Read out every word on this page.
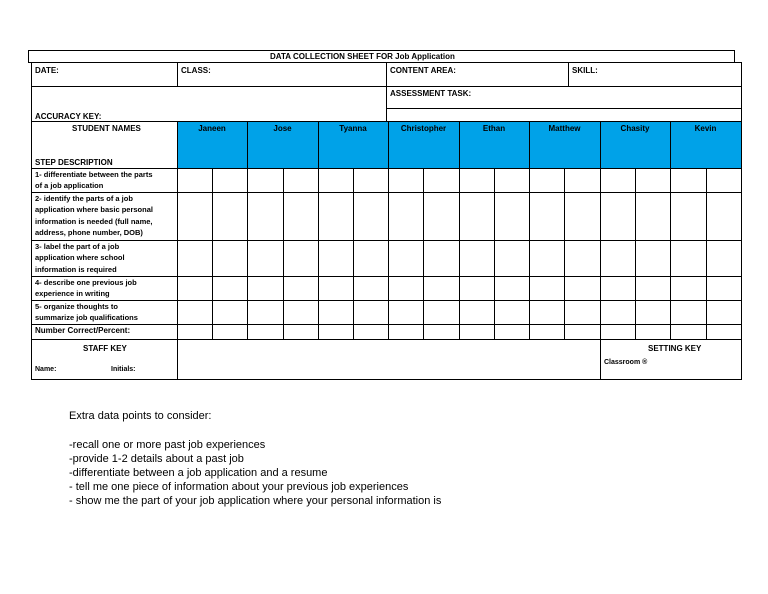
DATA COLLECTION SHEET FOR Job Application
DATE:	CLASS:	CONTENT AREA:	SKILL:
ASSESSMENT TASK:
ACCURACY KEY:
STUDENT NAMES
STEP DESCRIPTION
Janeen	Jose	Tyanna	Christopher	Ethan	Matthew	Chasity	Kevin
1- differentiate between the parts
of a job application
2- identify the parts of a job
application where basic personal
information is needed (full name,
address, phone number, DOB)
3- label the part of a job
application where school
information is required
4- describe one previous job
experience in writing
5- organize thoughts to
summarize job qualifications
Number Correct/Percent:
STAFF KEY
Name:	Initials:
SETTING KEY
Classroom ®
Extra data points to consider:
-recall one or more past job experiences
-provide 1-2 details about a past job
-differentiate between a job application and a resume
- tell me one piece of information about your previous job experiences
- show me the part of your job application where your personal information is
